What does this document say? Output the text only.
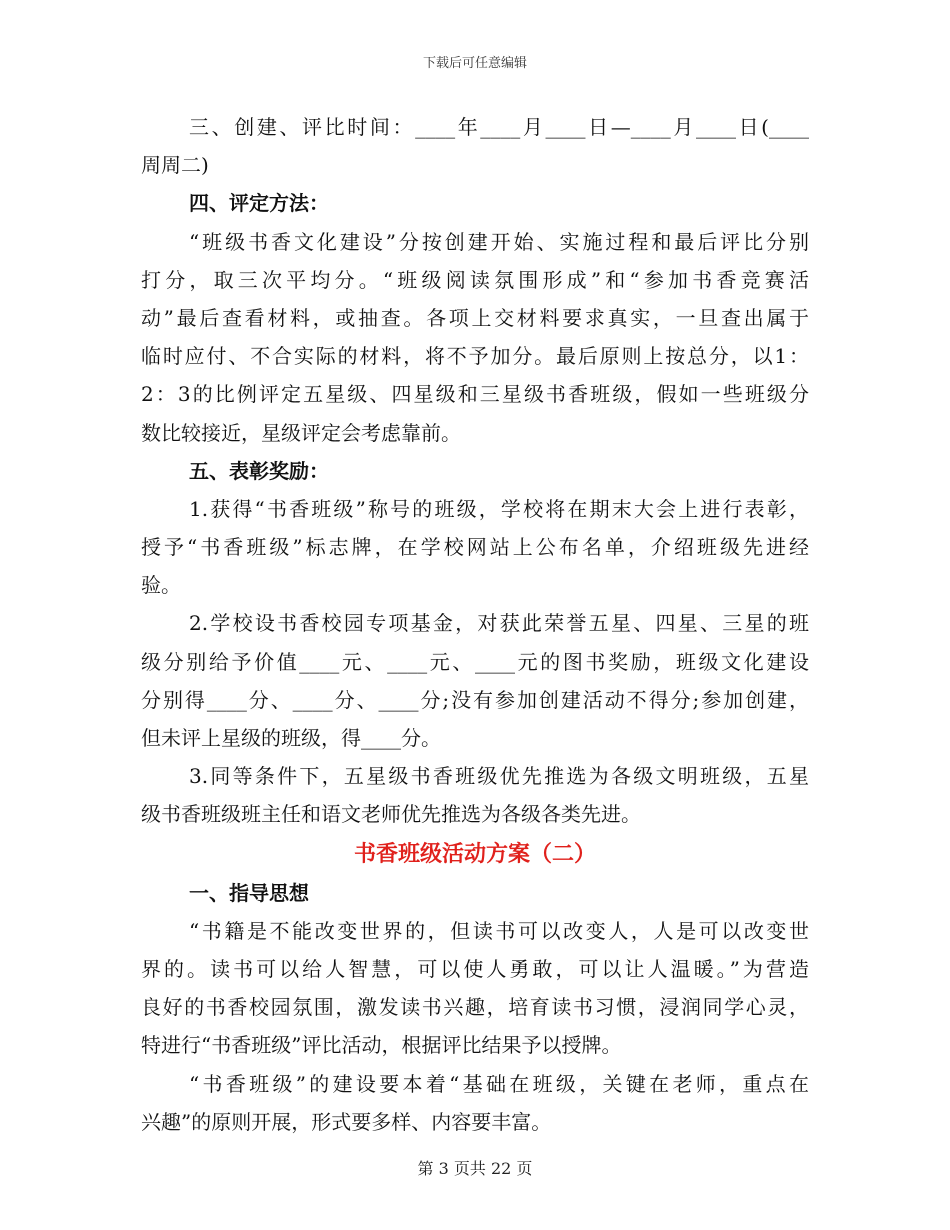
下载后可任意编辑
三、创建、评比时间：____年____月____日—____月____日(____
周周二)
四、评定方法：
“班级书香文化建设”分按创建开始、实施过程和最后评比分别
打分，取三次平均分。“班级阅读氛围形成”和“参加书香竞赛活
动”最后查看材料，或抽查。各项上交材料要求真实，一旦查出属于
临时应付、不合实际的材料，将不予加分。最后原则上按总分，以1：
2：3的比例评定五星级、四星级和三星级书香班级，假如一些班级分
数比较接近，星级评定会考虑靠前。
五、表彰奖励：
1.获得“书香班级”称号的班级，学校将在期末大会上进行表彰，
授予“书香班级”标志牌，在学校网站上公布名单，介绍班级先进经
验。
2.学校设书香校园专项基金，对获此荣誉五星、四星、三星的班
级分别给予价值____元、____元、____元的图书奖励，班级文化建设
分别得____分、____分、____分;没有参加创建活动不得分;参加创建，
但未评上星级的班级，得____分。
3.同等条件下，五星级书香班级优先推选为各级文明班级，五星
级书香班级班主任和语文老师优先推选为各级各类先进。
书香班级活动方案（二）
一、指导思想
“书籍是不能改变世界的，但读书可以改变人，人是可以改变世
界的。读书可以给人智慧，可以使人勇敢，可以让人温暖。”为营造
良好的书香校园氛围，激发读书兴趣，培育读书习惯，浸润同学心灵，
特进行“书香班级”评比活动，根据评比结果予以授牌。
“书香班级”的建设要本着“基础在班级，关键在老师，重点在
兴趣”的原则开展，形式要多样、内容要丰富。
第 3 页共 22 页
